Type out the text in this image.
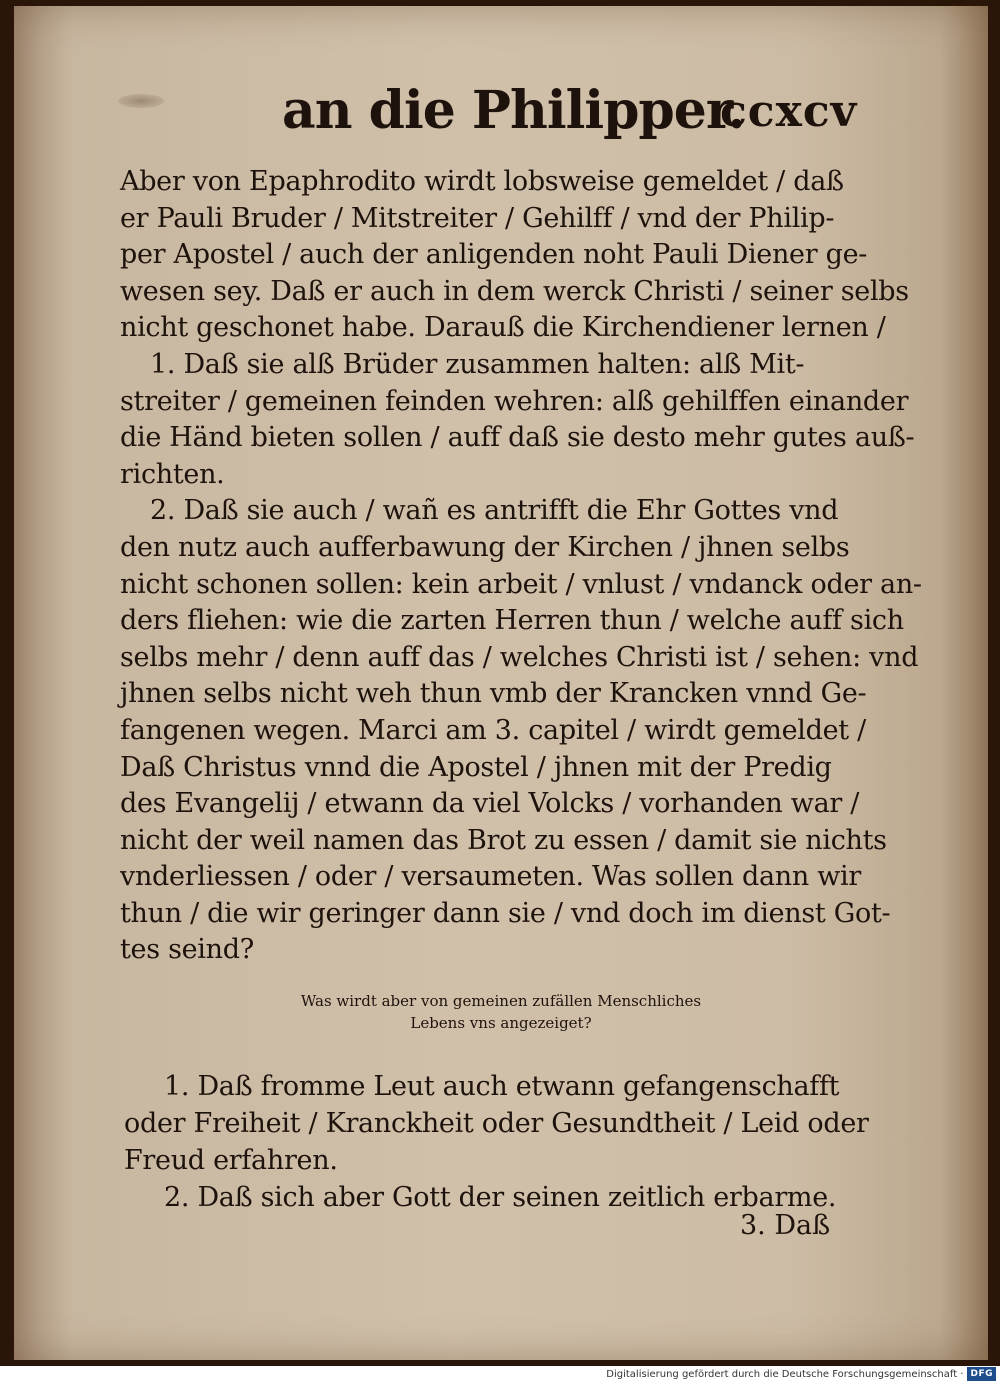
an die Philipper.
ccxcv
Aber von Epaphrodito wirdt lobsweise gemeldet / daß
er Pauli Bruder / Mitstreiter / Gehilff / vnd der Philip-
per Apostel / auch der anligenden noht Pauli Diener ge-
wesen sey. Daß er auch in dem werck Christi / seiner selbs
nicht geschonet habe. Darauß die Kirchendiener lernen /
1. Daß sie alß Brüder zusammen halten: alß Mit-
streiter / gemeinen feinden wehren: alß gehilffen einander
die Händ bieten sollen / auff daß sie desto mehr gutes auß-
richten.
2. Daß sie auch / wañ es antrifft die Ehr Gottes vnd
den nutz auch aufferbawung der Kirchen / jhnen selbs
nicht schonen sollen: kein arbeit / vnlust / vndanck oder an-
ders fliehen: wie die zarten Herren thun / welche auff sich
selbs mehr / denn auff das / welches Christi ist / sehen: vnd
jhnen selbs nicht weh thun vmb der Krancken vnnd Ge-
fangenen wegen. Marci am 3. capitel / wirdt gemeldet /
Daß Christus vnnd die Apostel / jhnen mit der Predig
des Evangelij / etwann da viel Volcks / vorhanden war /
nicht der weil namen das Brot zu essen / damit sie nichts
vnderliessen / oder / versaumeten. Was sollen dann wir
thun / die wir geringer dann sie / vnd doch im dienst Got-
tes seind?
Was wirdt aber von gemeinen zufällen Menschliches
Lebens vns angezeiget?
1. Daß fromme Leut auch etwann gefangenschafft
oder Freiheit / Kranckheit oder Gesundtheit / Leid oder
Freud erfahren.
2. Daß sich aber Gott der seinen zeitlich erbarme.
3. Daß
Digitalisierung gefördert durch die Deutsche Forschungsgemeinschaft · DFG
